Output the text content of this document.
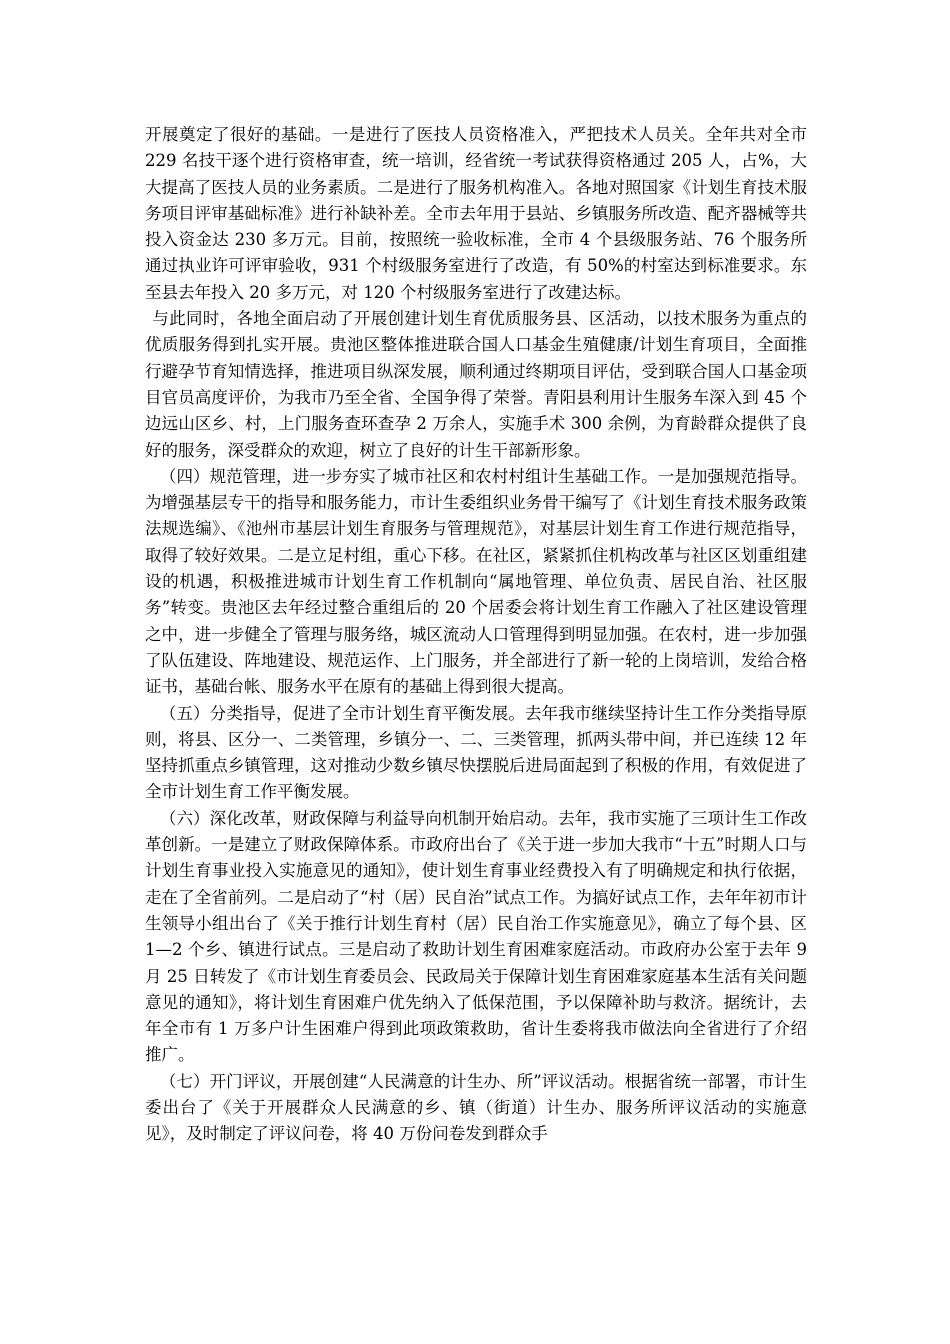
开展奠定了很好的基础。一是进行了医技人员资格准入，严把技术人员关。全年共对全市 229 名技干逐个进行资格审查，统一培训，经省统一考试获得资格通过 205 人，占%，大大提高了医技人员的业务素质。二是进行了服务机构准入。各地对照国家《计划生育技术服务项目评审基础标准》进行补缺补差。全市去年用于县站、乡镇服务所改造、配齐器械等共投入资金达 230 多万元。目前，按照统一验收标准，全市 4 个县级服务站、76 个服务所通过执业许可评审验收，931 个村级服务室进行了改造，有 50%的村室达到标准要求。东至县去年投入 20 多万元，对 120 个村级服务室进行了改建达标。

与此同时，各地全面启动了开展创建计划生育优质服务县、区活动，以技术服务为重点的优质服务得到扎实开展。贵池区整体推进联合国人口基金生殖健康/计划生育项目，全面推行避孕节育知情选择，推进项目纵深发展，顺利通过终期项目评估，受到联合国人口基金项目官员高度评价，为我市乃至全省、全国争得了荣誉。青阳县利用计生服务车深入到 45 个边远山区乡、村，上门服务查环查孕 2 万余人，实施手术 300 余例，为育龄群众提供了良好的服务，深受群众的欢迎，树立了良好的计生干部新形象。

（四）规范管理，进一步夯实了城市社区和农村村组计生基础工作。一是加强规范指导。为增强基层专干的指导和服务能力，市计生委组织业务骨干编写了《计划生育技术服务政策法规选编》、《池州市基层计划生育服务与管理规范》，对基层计划生育工作进行规范指导，取得了较好效果。二是立足村组，重心下移。在社区，紧紧抓住机构改革与社区区划重组建设的机遇，积极推进城市计划生育工作机制向“属地管理、单位负责、居民自治、社区服务”转变。贵池区去年经过整合重组后的 20 个居委会将计划生育工作融入了社区建设管理之中，进一步健全了管理与服务络，城区流动人口管理得到明显加强。在农村，进一步加强了队伍建设、阵地建设、规范运作、上门服务，并全部进行了新一轮的上岗培训，发给合格证书，基础台帐、服务水平在原有的基础上得到很大提高。

（五）分类指导，促进了全市计划生育平衡发展。去年我市继续坚持计生工作分类指导原则，将县、区分一、二类管理，乡镇分一、二、三类管理，抓两头带中间，并已连续 12 年坚持抓重点乡镇管理，这对推动少数乡镇尽快摆脱后进局面起到了积极的作用，有效促进了全市计划生育工作平衡发展。

（六）深化改革，财政保障与利益导向机制开始启动。去年，我市实施了三项计生工作改革创新。一是建立了财政保障体系。市政府出台了《关于进一步加大我市“十五”时期人口与计划生育事业投入实施意见的通知》，使计划生育事业经费投入有了明确规定和执行依据，走在了全省前列。二是启动了“村（居）民自治”试点工作。为搞好试点工作，去年年初市计生领导小组出台了《关于推行计划生育村（居）民自治工作实施意见》，确立了每个县、区 1—2 个乡、镇进行试点。三是启动了救助计划生育困难家庭活动。市政府办公室于去年 9 月 25 日转发了《市计划生育委员会、民政局关于保障计划生育困难家庭基本生活有关问题意见的通知》，将计划生育困难户优先纳入了低保范围，予以保障补助与救济。据统计，去年全市有 1 万多户计生困难户得到此项政策救助，省计生委将我市做法向全省进行了介绍推广。

（七）开门评议，开展创建“人民满意的计生办、所”评议活动。根据省统一部署，市计生委出台了《关于开展群众人民满意的乡、镇（街道）计生办、服务所评议活动的实施意见》，及时制定了评议问卷，将 40 万份问卷发到群众手
